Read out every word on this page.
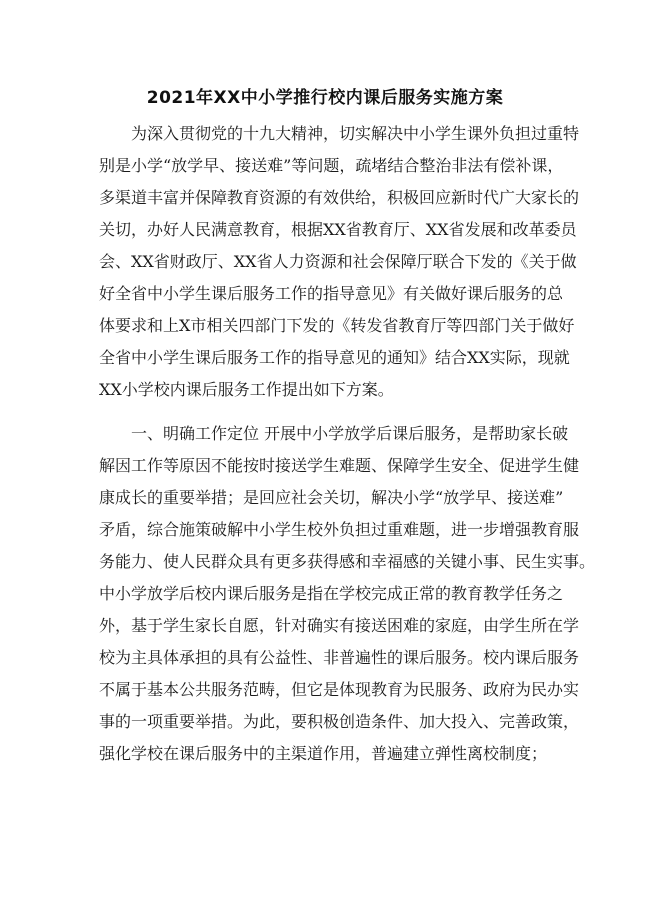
2021年XX中小学推行校内课后服务实施方案
为深入贯彻党的十九大精神，切实解决中小学生课外负担过重特
别是小学“放学早、接送难”等问题，疏堵结合整治非法有偿补课，
多渠道丰富并保障教育资源的有效供给，积极回应新时代广大家长的
关切，办好人民满意教育，根据XX省教育厅、XX省发展和改革委员
会、XX省财政厅、XX省人力资源和社会保障厅联合下发的《关于做
好全省中小学生课后服务工作的指导意见》有关做好课后服务的总
体要求和上X市相关四部门下发的《转发省教育厅等四部门关于做好
全省中小学生课后服务工作的指导意见的通知》结合XX实际，现就
XX小学校内课后服务工作提出如下方案。
一、明确工作定位 开展中小学放学后课后服务，是帮助家长破
解因工作等原因不能按时接送学生难题、保障学生安全、促进学生健
康成长的重要举措；是回应社会关切，解决小学“放学早、接送难”
矛盾，综合施策破解中小学生校外负担过重难题，进一步增强教育服
务能力、使人民群众具有更多获得感和幸福感的关键小事、民生实事。
中小学放学后校内课后服务是指在学校完成正常的教育教学任务之
外，基于学生家长自愿，针对确实有接送困难的家庭，由学生所在学
校为主具体承担的具有公益性、非普遍性的课后服务。校内课后服务
不属于基本公共服务范畴，但它是体现教育为民服务、政府为民办实
事的一项重要举措。为此，要积极创造条件、加大投入、完善政策，
强化学校在课后服务中的主渠道作用，普遍建立弹性离校制度；
